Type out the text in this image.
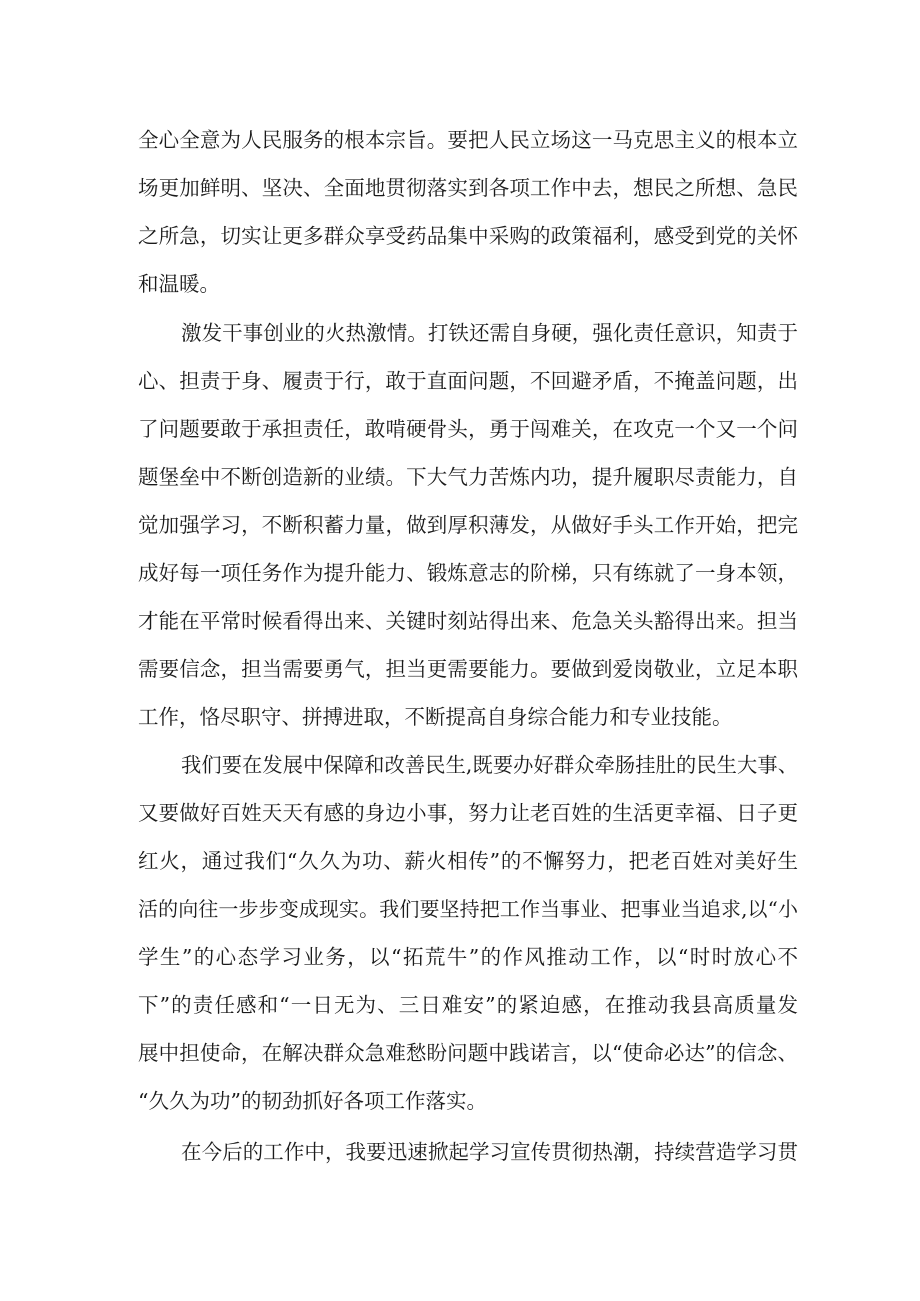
全心全意为人民服务的根本宗旨。要把人民立场这一马克思主义的根本立
场更加鲜明、坚决、全面地贯彻落实到各项工作中去，想民之所想、急民
之所急，切实让更多群众享受药品集中采购的政策福利，感受到党的关怀
和温暖。
激发干事创业的火热激情。打铁还需自身硬，强化责任意识，知责于
心、担责于身、履责于行，敢于直面问题，不回避矛盾，不掩盖问题，出
了问题要敢于承担责任，敢啃硬骨头，勇于闯难关，在攻克一个又一个问
题堡垒中不断创造新的业绩。下大气力苦炼内功，提升履职尽责能力，自
觉加强学习，不断积蓄力量，做到厚积薄发，从做好手头工作开始，把完
成好每一项任务作为提升能力、锻炼意志的阶梯，只有练就了一身本领，
才能在平常时候看得出来、关键时刻站得出来、危急关头豁得出来。担当
需要信念，担当需要勇气，担当更需要能力。要做到爱岗敬业，立足本职
工作，恪尽职守、拼搏进取，不断提高自身综合能力和专业技能。
我们要在发展中保障和改善民生,既要办好群众牵肠挂肚的民生大事、
又要做好百姓天天有感的身边小事，努力让老百姓的生活更幸福、日子更
红火，通过我们“久久为功、薪火相传”的不懈努力，把老百姓对美好生
活的向往一步步变成现实。我们要坚持把工作当事业、把事业当追求,以“小
学生”的心态学习业务，以“拓荒牛”的作风推动工作，以“时时放心不
下”的责任感和“一日无为、三日难安”的紧迫感，在推动我县高质量发
展中担使命，在解决群众急难愁盼问题中践诺言，以“使命必达”的信念、
“久久为功”的韧劲抓好各项工作落实。
在今后的工作中，我要迅速掀起学习宣传贯彻热潮，持续营造学习贯
